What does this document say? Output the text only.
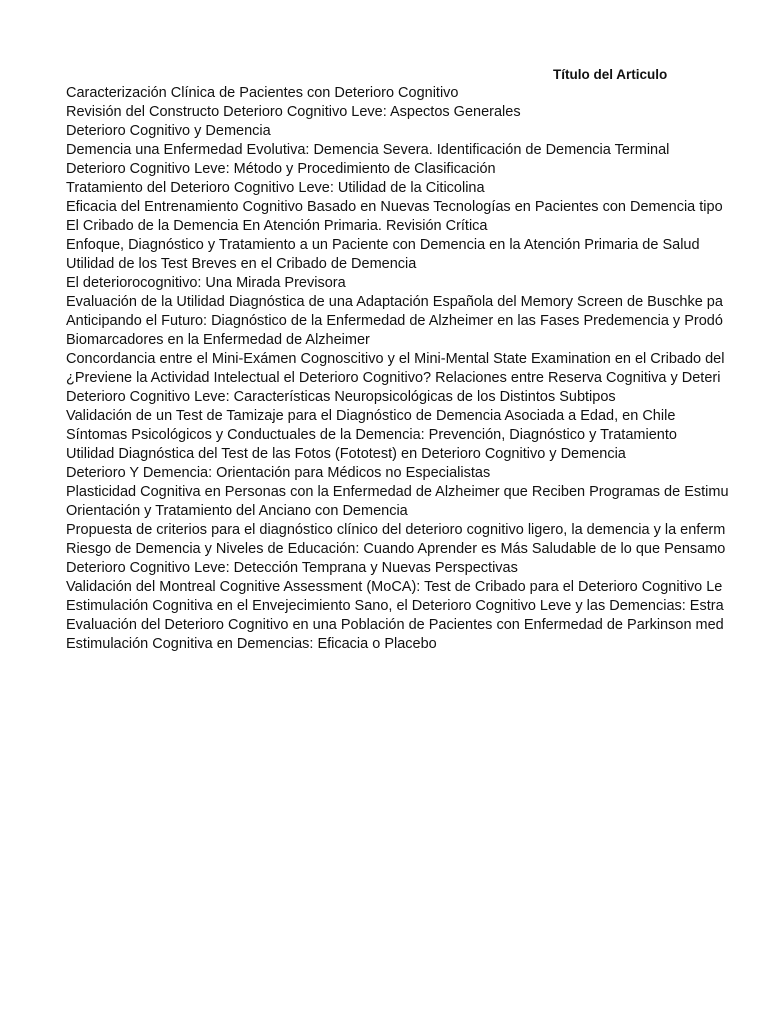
Título del Articulo
Caracterización Clínica de Pacientes con Deterioro Cognitivo
Revisión del Constructo Deterioro Cognitivo Leve: Aspectos Generales
Deterioro Cognitivo y Demencia
Demencia una Enfermedad Evolutiva: Demencia Severa. Identificación de Demencia Terminal
Deterioro Cognitivo Leve: Método y Procedimiento de Clasificación
Tratamiento del Deterioro Cognitivo Leve: Utilidad de la Citicolina
Eficacia del Entrenamiento Cognitivo Basado en Nuevas Tecnologías en Pacientes con Demencia tipo
El Cribado de la Demencia En Atención Primaria. Revisión Crítica
Enfoque, Diagnóstico y Tratamiento a un Paciente con Demencia en la Atención Primaria de Salud
Utilidad de los Test Breves en el Cribado de Demencia
El deteriorocognitivo: Una Mirada Previsora
Evaluación de la Utilidad Diagnóstica de una Adaptación Española del Memory Screen de Buschke pa
Anticipando el Futuro: Diagnóstico de la Enfermedad de Alzheimer en las Fases Predemencia y Prodó
Biomarcadores en la Enfermedad de Alzheimer
Concordancia entre el Mini-Exámen Cognoscitivo y el Mini-Mental State Examination en el Cribado del
¿Previene la Actividad Intelectual el Deterioro Cognitivo? Relaciones entre Reserva Cognitiva y Deteri
Deterioro Cognitivo Leve: Características Neuropsicológicas de los Distintos Subtipos
Validación de un Test de Tamizaje para el Diagnóstico de Demencia Asociada a Edad, en Chile
Síntomas Psicológicos y Conductuales de la Demencia: Prevención, Diagnóstico y Tratamiento
Utilidad Diagnóstica del Test de las Fotos (Fototest) en Deterioro Cognitivo y Demencia
Deterioro Y Demencia: Orientación para Médicos no Especialistas
Plasticidad Cognitiva en Personas con la Enfermedad de Alzheimer que Reciben Programas de Estimu
Orientación y Tratamiento del Anciano con Demencia
Propuesta de criterios para el diagnóstico clínico del deterioro cognitivo ligero, la demencia y la enferm
Riesgo de Demencia y Niveles de Educación: Cuando Aprender es Más Saludable de lo que Pensamo
Deterioro Cognitivo Leve: Detección Temprana y Nuevas Perspectivas
Validación del Montreal Cognitive Assessment (MoCA): Test de Cribado para el Deterioro Cognitivo Le
Estimulación Cognitiva en el Envejecimiento Sano, el Deterioro Cognitivo Leve y las Demencias: Estra
Evaluación del Deterioro Cognitivo en una Población de Pacientes con Enfermedad de Parkinson med
Estimulación Cognitiva en Demencias: Eficacia o Placebo
